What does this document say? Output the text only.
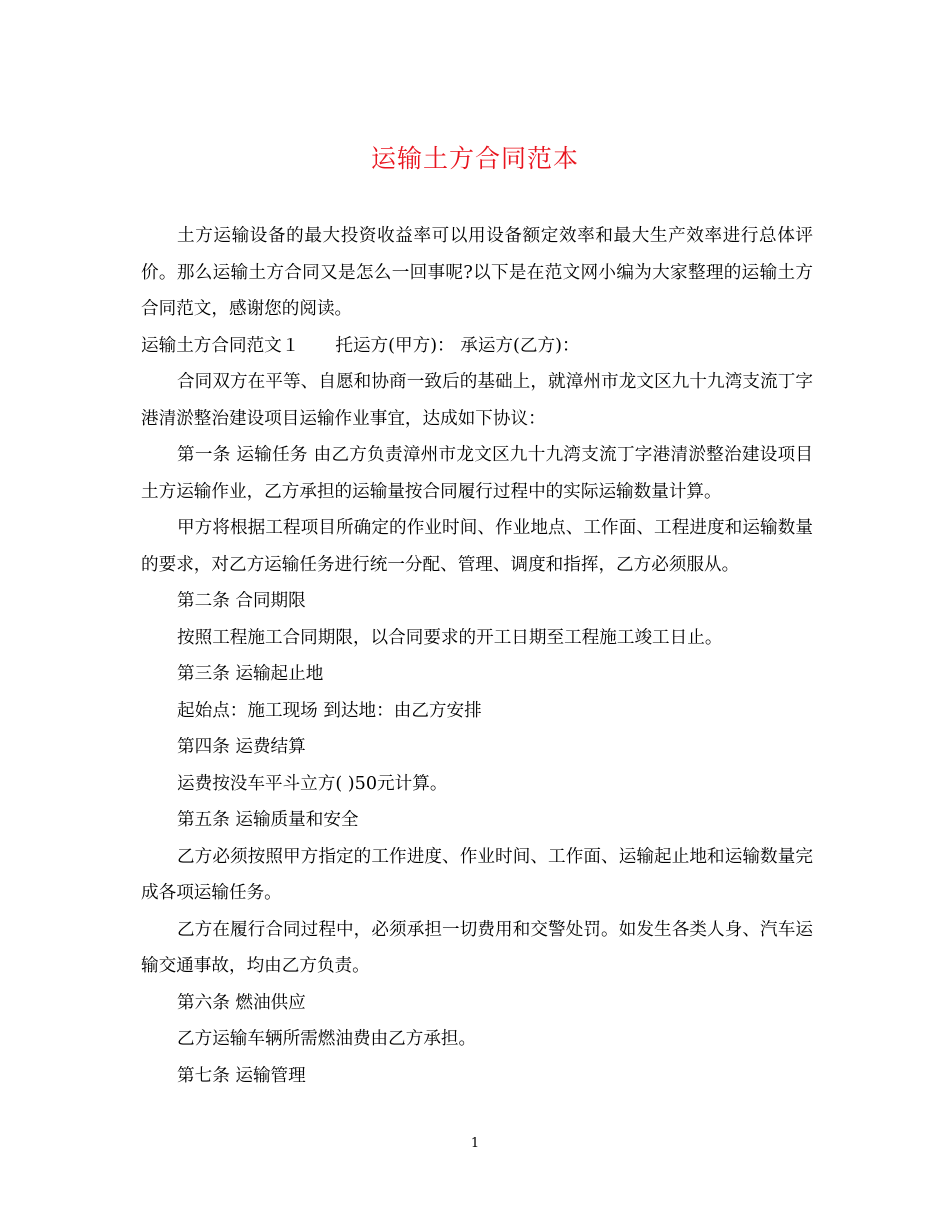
运输土方合同范本

土方运输设备的最大投资收益率可以用设备额定效率和最大生产效率进行总体评价。那么运输土方合同又是怎么一回事呢?以下是在范文网小编为大家整理的运输土方合同范文，感谢您的阅读。

运输土方合同范文１ 托运方(甲方)： 承运方(乙方)：

合同双方在平等、自愿和协商一致后的基础上，就漳州市龙文区九十九湾支流丁字港清淤整治建设项目运输作业事宜，达成如下协议：

第一条 运输任务 由乙方负责漳州市龙文区九十九湾支流丁字港清淤整治建设项目土方运输作业，乙方承担的运输量按合同履行过程中的实际运输数量计算。

甲方将根据工程项目所确定的作业时间、作业地点、工作面、工程进度和运输数量的要求，对乙方运输任务进行统一分配、管理、调度和指挥，乙方必须服从。

第二条 合同期限

按照工程施工合同期限，以合同要求的开工日期至工程施工竣工日止。

第三条 运输起止地

起始点：施工现场 到达地：由乙方安排

第四条 运费结算

运费按没车平斗立方( )50元计算。

第五条 运输质量和安全

乙方必须按照甲方指定的工作进度、作业时间、工作面、运输起止地和运输数量完成各项运输任务。

乙方在履行合同过程中，必须承担一切费用和交警处罚。如发生各类人身、汽车运输交通事故，均由乙方负责。

第六条 燃油供应

乙方运输车辆所需燃油费由乙方承担。

第七条 运输管理

1
